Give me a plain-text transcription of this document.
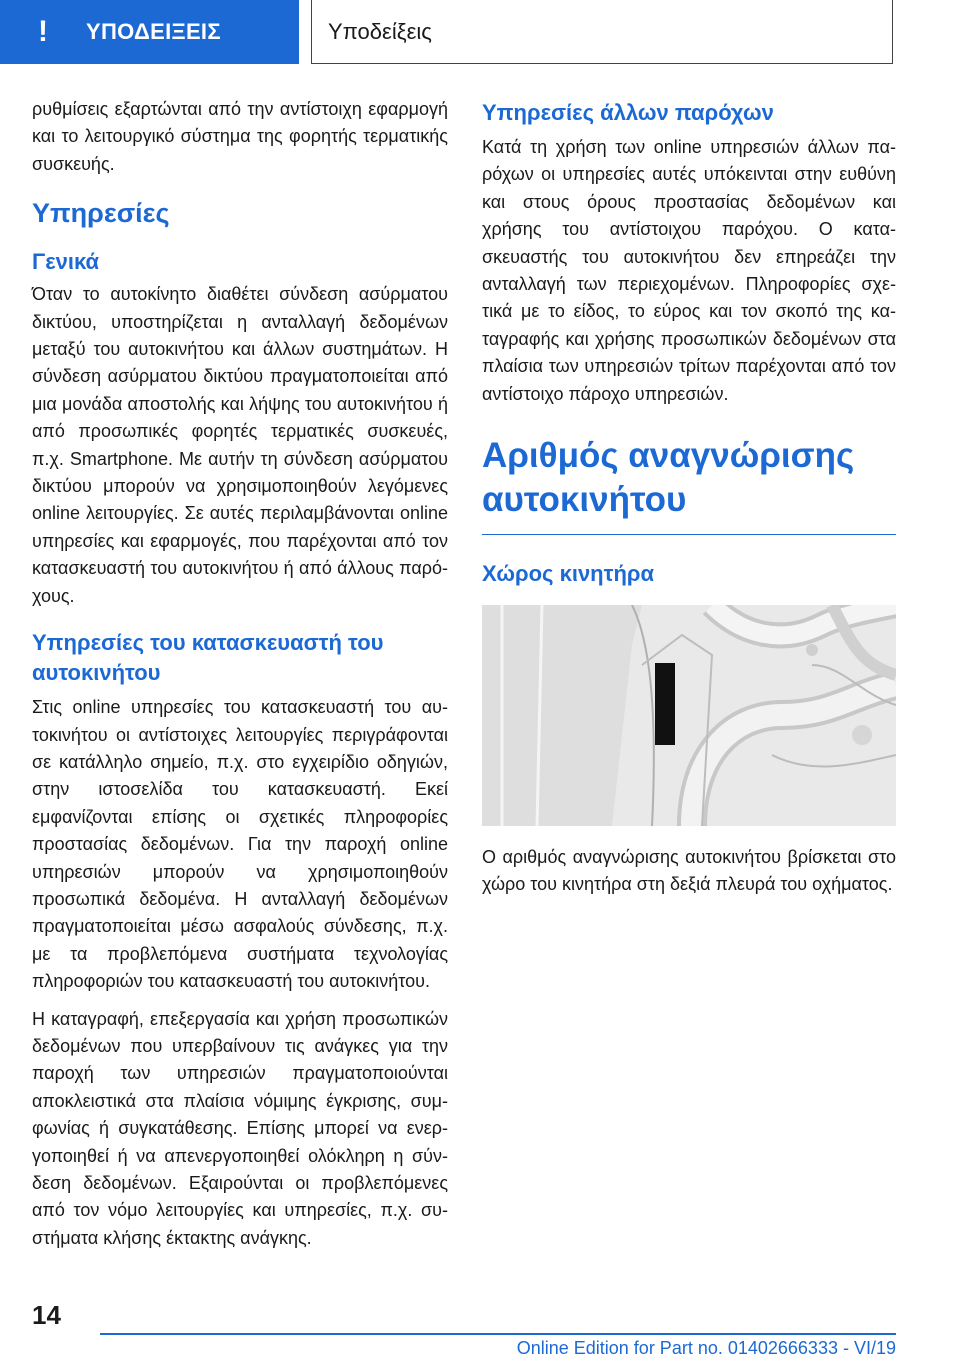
!	ΥΠΟΔΕΙΞΕΙΣ	Υποδείξεις

ρυθμίσεις εξαρτώνται από την αντίστοιχη εφαρμογή και το λειτουργικό σύστημα της φορητής τερματικής συσκευής.

Υπηρεσίες
Γενικά

Όταν το αυτοκίνητο διαθέτει σύνδεση ασύρματου δικτύου, υποστηρίζεται η ανταλλαγή δεδομένων μεταξύ του αυτοκινήτου και άλλων συστημάτων. Η σύνδεση ασύρματου δικτύου πραγματοποιείται από μια μονάδα αποστολής και λήψης του αυτοκινήτου ή από προσωπικές φορητές τερματικές συσκευές, π.χ. Smartphone. Με αυτήν τη σύνδεση ασύρματου δικτύου μπορούν να χρησιμοποιηθούν λεγόμενες online λειτουργίες. Σε αυτές περιλαμβάνονται online υπηρεσίες και εφαρμογές, που παρέχονται από τον κατασκευαστή του αυτοκινήτου ή από άλλους παρόχους.

Υπηρεσίες του κατασκευαστή του αυτοκινήτου

Στις online υπηρεσίες του κατασκευαστή του αυτοκινήτου οι αντίστοιχες λειτουργίες περιγράφονται σε κατάλληλο σημείο, π.χ. στο εγχειρίδιο οδηγιών, στην ιστοσελίδα του κατασκευαστή. Εκεί εμφανίζονται επίσης οι σχετικές πληροφορίες προστασίας δεδομένων. Για την παροχή online υπηρεσιών μπορούν να χρησιμοποιηθούν προσωπικά δεδομένα. Η ανταλλαγή δεδομένων πραγματοποιείται μέσω ασφαλούς σύνδεσης, π.χ. με τα προβλεπόμενα συστήματα τεχνολογίας πληροφοριών του κατασκευαστή του αυτοκινήτου.

Η καταγραφή, επεξεργασία και χρήση προσωπικών δεδομένων που υπερβαίνουν τις ανάγκες για την παροχή των υπηρεσιών πραγματοποιούνται αποκλειστικά στα πλαίσια νόμιμης έγκρισης, συμφωνίας ή συγκατάθεσης. Επίσης μπορεί να ενεργοποιηθεί ή να απενεργοποιηθεί ολόκληρη η σύνδεση δεδομένων. Εξαιρούνται οι προβλεπόμενες από τον νόμο λειτουργίες και υπηρεσίες, π.χ. συστήματα κλήσης έκτακτης ανάγκης.

Υπηρεσίες άλλων παρόχων

Κατά τη χρήση των online υπηρεσιών άλλων παρόχων οι υπηρεσίες αυτές υπόκεινται στην ευθύνη και στους όρους προστασίας δεδομένων και χρήσης του αντίστοιχου παρόχου. Ο κατασκευαστής του αυτοκινήτου δεν επηρεάζει την ανταλλαγή των περιεχομένων. Πληροφορίες σχετικά με το είδος, το εύρος και τον σκοπό της καταγραφής και χρήσης προσωπικών δεδομένων στα πλαίσια των υπηρεσιών τρίτων παρέχονται από τον αντίστοιχο πάροχο υπηρεσιών.

Αριθμός αναγνώρισης αυτοκινήτου
Χώρος κινητήρα

Ο αριθμός αναγνώρισης αυτοκινήτου βρίσκεται στο χώρο του κινητήρα στη δεξιά πλευρά του οχήματος.

14
Online Edition for Part no. 01402666333 - VI/19
